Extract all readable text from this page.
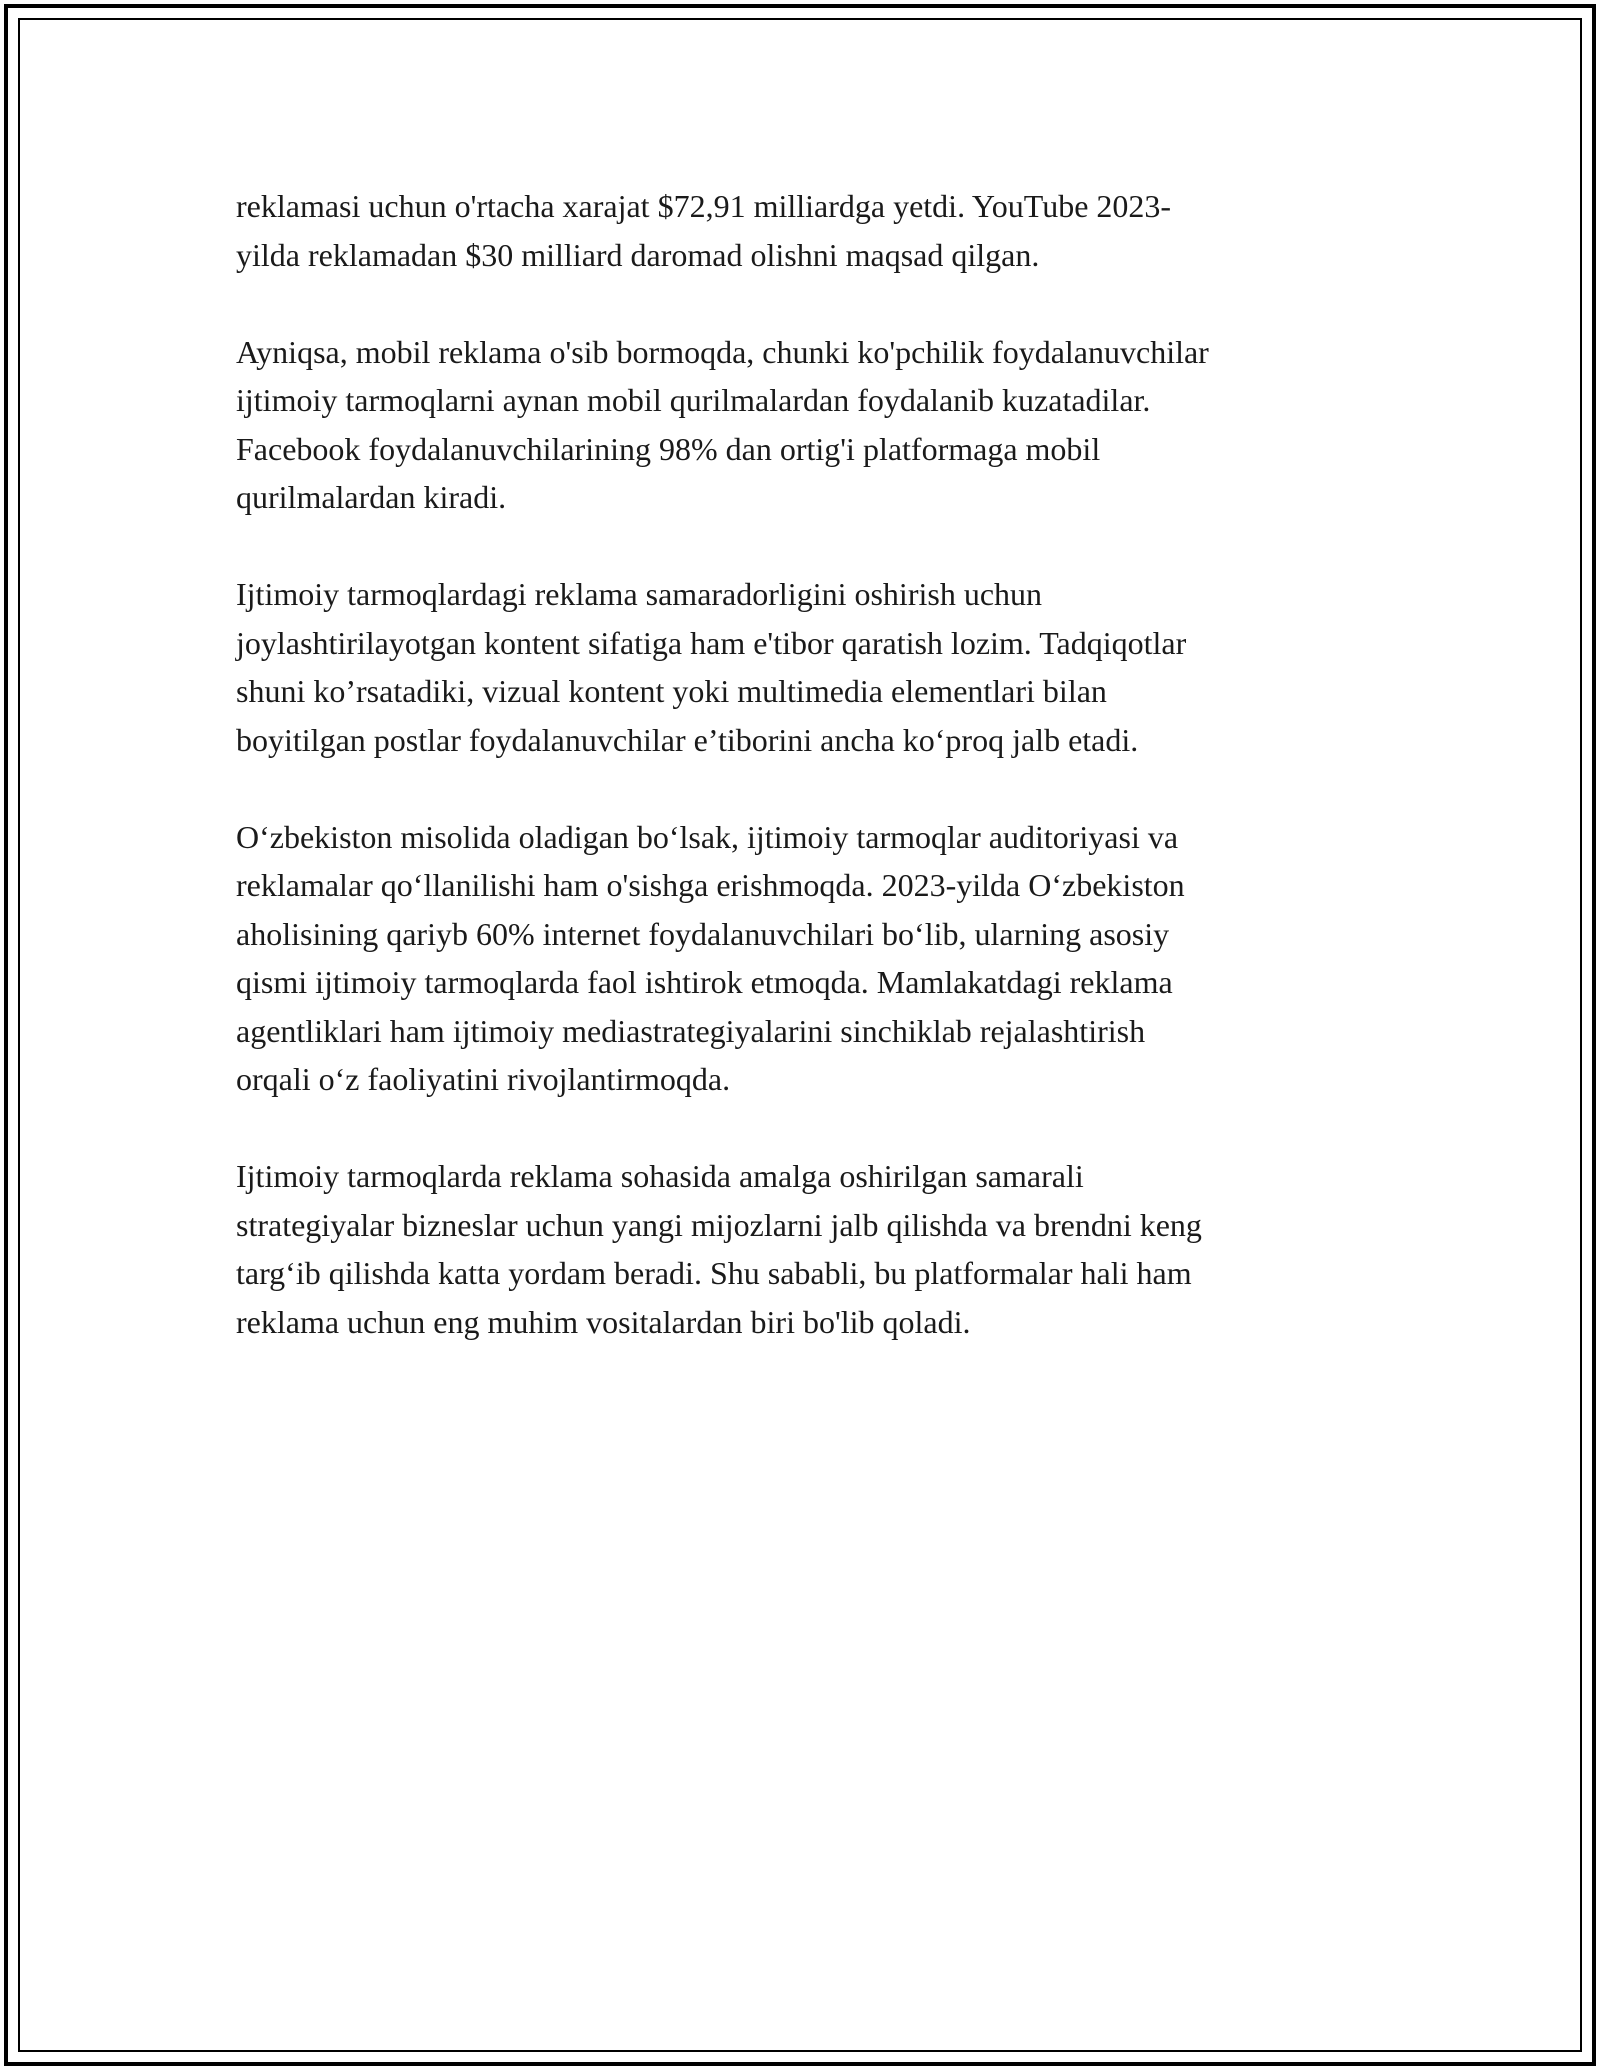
reklamasi uchun o'rtacha xarajat $72,91 milliardga yetdi. YouTube 2023-
yilda reklamadan $30 milliard daromad olishni maqsad qilgan.

Ayniqsa, mobil reklama o'sib bormoqda, chunki ko'pchilik foydalanuvchilar
ijtimoiy tarmoqlarni aynan mobil qurilmalardan foydalanib kuzatadilar.
Facebook foydalanuvchilarining 98% dan ortig'i platformaga mobil
qurilmalardan kiradi.

Ijtimoiy tarmoqlardagi reklama samaradorligini oshirish uchun
joylashtirilayotgan kontent sifatiga ham e'tibor qaratish lozim. Tadqiqotlar
shuni ko’rsatadiki, vizual kontent yoki multimedia elementlari bilan
boyitilgan postlar foydalanuvchilar e’tiborini ancha ko‘proq jalb etadi.

O‘zbekiston misolida oladigan bo‘lsak, ijtimoiy tarmoqlar auditoriyasi va
reklamalar qo‘llanilishi ham o'sishga erishmoqda. 2023-yilda O‘zbekiston
aholisining qariyb 60% internet foydalanuvchilari bo‘lib, ularning asosiy
qismi ijtimoiy tarmoqlarda faol ishtirok etmoqda. Mamlakatdagi reklama
agentliklari ham ijtimoiy mediastrategiyalarini sinchiklab rejalashtirish
orqali o‘z faoliyatini rivojlantirmoqda.

Ijtimoiy tarmoqlarda reklama sohasida amalga oshirilgan samarali
strategiyalar bizneslar uchun yangi mijozlarni jalb qilishda va brendni keng
targ‘ib qilishda katta yordam beradi. Shu sababli, bu platformalar hali ham
reklama uchun eng muhim vositalardan biri bo'lib qoladi.
